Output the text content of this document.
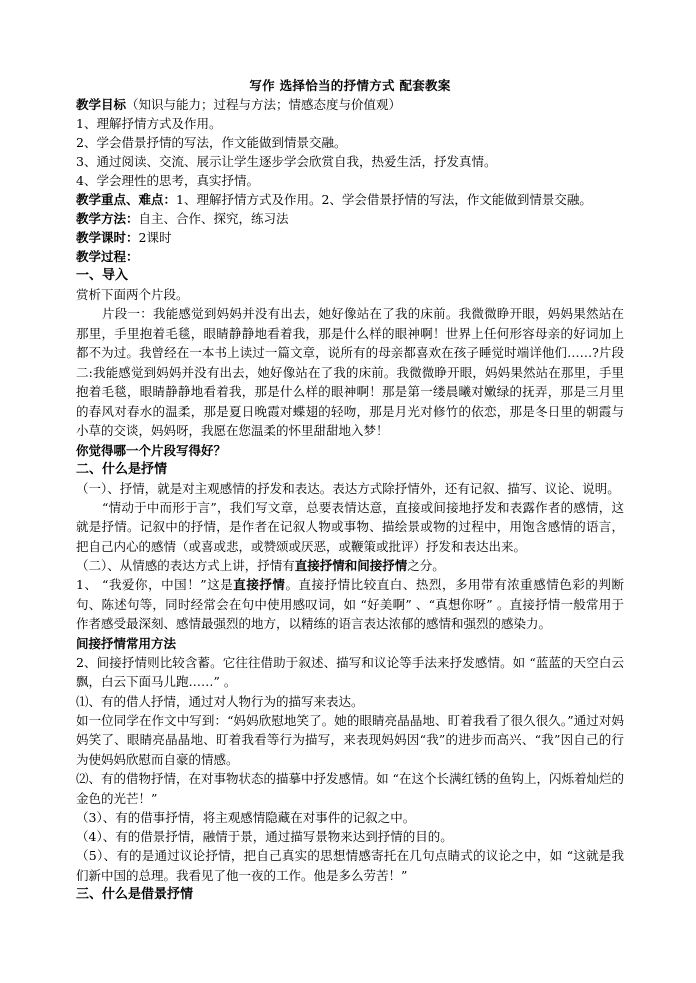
写作 选择恰当的抒情方式 配套教案
教学目标（知识与能力；过程与方法；情感态度与价值观）
1、理解抒情方式及作用。
2、学会借景抒情的写法，作文能做到情景交融。
3、通过阅读、交流、展示让学生逐步学会欣赏自我，热爱生活，抒发真情。
4、学会理性的思考，真实抒情。
教学重点、难点：1、理解抒情方式及作用。2、学会借景抒情的写法，作文能做到情景交融。
教学方法：自主、合作、探究，练习法
教学课时：2课时
教学过程：
一、导入
赏析下面两个片段。
片段一：我能感觉到妈妈并没有出去，她好像站在了我的床前。我微微睁开眼，妈妈果然站在那里，手里抱着毛毯，眼睛静静地看着我，那是什么样的眼神啊！世界上任何形容母亲的好词加上都不为过。我曾经在一本书上读过一篇文章，说所有的母亲都喜欢在孩子睡觉时端详他们……?片段二:我能感觉到妈妈并没有出去，她好像站在了我的床前。我微微睁开眼，妈妈果然站在那里，手里抱着毛毯，眼睛静静地看着我，那是什么样的眼神啊！那是第一缕晨曦对嫩绿的抚弄，那是三月里的春风对春水的温柔，那是夏日晚霞对蝶翅的轻吻，那是月光对修竹的依恋，那是冬日里的朝霞与小草的交谈，妈妈呀，我愿在您温柔的怀里甜甜地入梦！
你觉得哪一个片段写得好？
二、什么是抒情
（一）、抒情，就是对主观感情的抒发和表达。表达方式除抒情外，还有记叙、描写、议论、说明。
“情动于中而形于言”，我们写文章，总要表情达意，直接或间接地抒发和表露作者的感情，这就是抒情。记叙中的抒情，是作者在记叙人物或事物、描绘景或物的过程中，用饱含感情的语言，把自己内心的感情（或喜或悲，或赞颂或厌恶，或鞭策或批评）抒发和表达出来。
（二）、从情感的表达方式上讲，抒情有直接抒情和间接抒情之分。
1、 “我爱你，中国！”这是直接抒情。直接抒情比较直白、热烈，多用带有浓重感情色彩的判断句、陈述句等，同时经常会在句中使用感叹词，如 “好美啊” 、“真想你呀” 。直接抒情一般常用于作者感受最深刻、感情最强烈的地方，以精练的语言表达浓郁的感情和强烈的感染力。
间接抒情常用方法
2、间接抒情则比较含蓄。它往往借助于叙述、描写和议论等手法来抒发感情。如 “蓝蓝的天空白云飘，白云下面马儿跑……” 。
⑴、有的借人抒情，通过对人物行为的描写来表达。
如一位同学在作文中写到：“妈妈欣慰地笑了。她的眼睛亮晶晶地、盯着我看了很久很久。”通过对妈妈笑了、眼睛亮晶晶地、盯着我看等行为描写，来表现妈妈因“我”的进步而高兴、“我”因自己的行为使妈妈欣慰而自豪的情感。
⑵、有的借物抒情，在对事物状态的描摹中抒发感情。如 “在这个长满红锈的鱼钩上，闪烁着灿烂的金色的光芒！”
（3）、有的借事抒情，将主观感情隐藏在对事件的记叙之中。
（4）、有的借景抒情，融情于景，通过描写景物来达到抒情的目的。
（5）、有的是通过议论抒情，把自己真实的思想情感寄托在几句点睛式的议论之中，如 “这就是我们新中国的总理。我看见了他一夜的工作。他是多么劳苦！”
三、什么是借景抒情
